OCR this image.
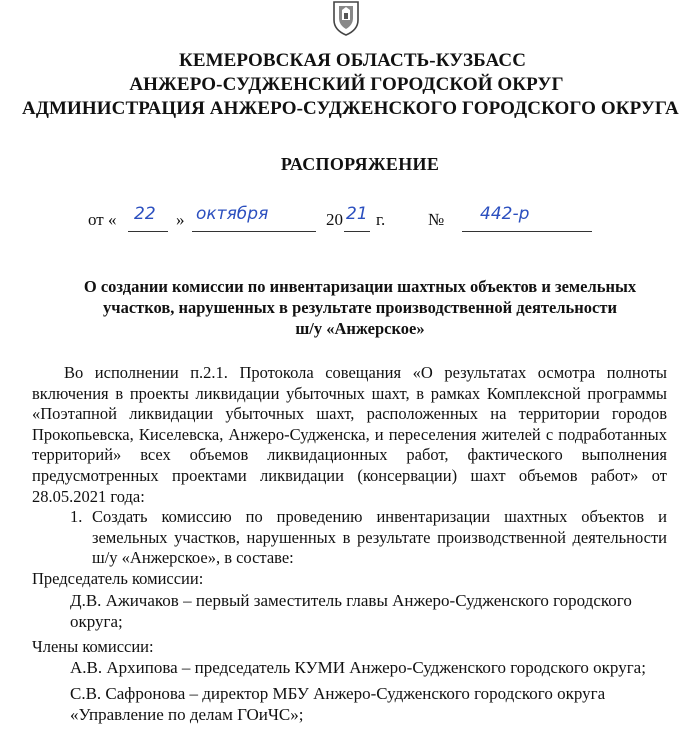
КЕМЕРОВСКАЯ ОБЛАСТЬ-КУЗБАСС
АНЖЕРО-СУДЖЕНСКИЙ ГОРОДСКОЙ ОКРУГ
АДМИНИСТРАЦИЯ АНЖЕРО-СУДЖЕНСКОГО ГОРОДСКОГО ОКРУГА
РАСПОРЯЖЕНИЕ
от « 22 » октября	20 21 г.	№ 442-р
О создании комиссии по инвентаризации шахтных объектов и земельных
участков, нарушенных в результате производственной деятельности
ш/у «Анжерское»
Во исполнении п.2.1. Протокола совещания «О результатах осмотра полноты включения в проекты ликвидации убыточных шахт, в рамках Комплексной программы «Поэтапной ликвидации убыточных шахт, расположенных на территории городов Прокопьевска, Киселевска, Анжеро-Судженска, и переселения жителей с подработанных территорий» всех объемов ликвидационных работ, фактического выполнения предусмотренных проектами ликвидации (консервации) шахт объемов работ» от 28.05.2021 года:
1. Создать комиссию по проведению инвентаризации шахтных объектов и земельных участков, нарушенных в результате производственной деятельности ш/у «Анжерское», в составе:
Председатель комиссии:

Д.В. Ажичаков – первый заместитель главы Анжеро-Судженского городского округа;

Члены комиссии:

А.В. Архипова – председатель КУМИ Анжеро-Судженского городского округа;

С.В. Сафронова – директор МБУ Анжеро-Судженского городского округа «Управление по делам ГОиЧС»;
